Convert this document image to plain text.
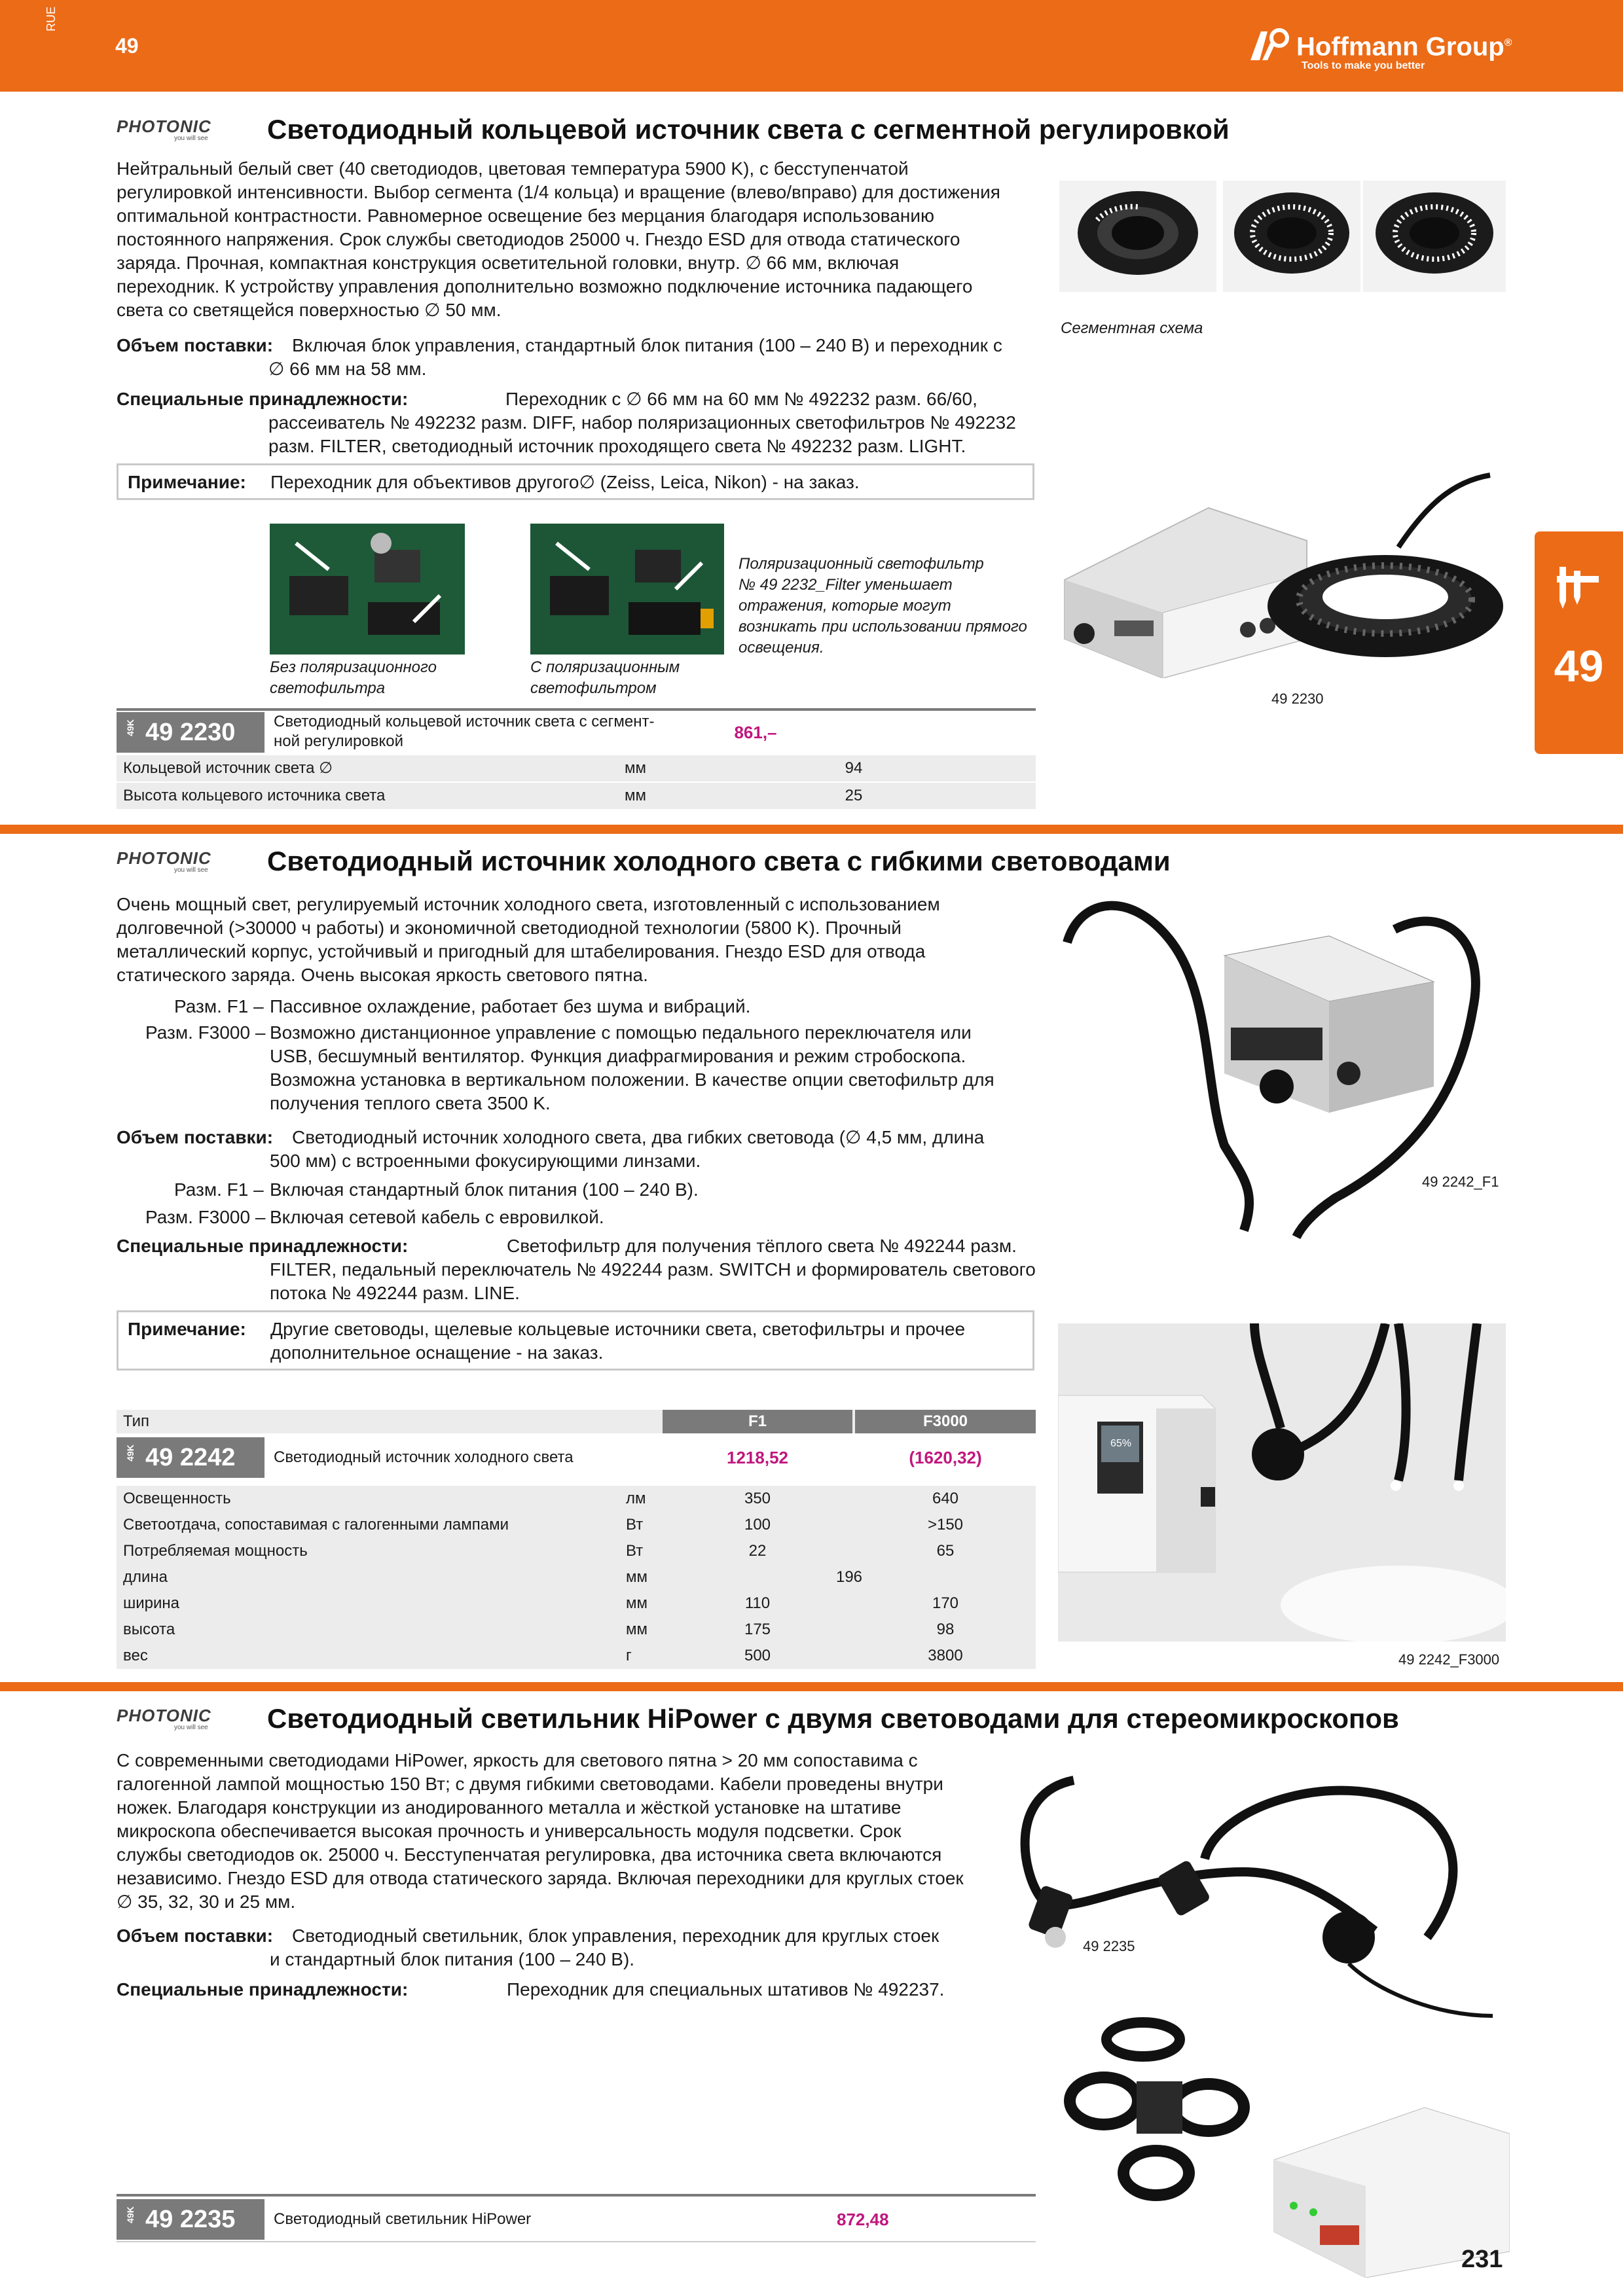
RUE
49	Hoffmann Group®
Tools to make you better
49
PHOTONIC
you will see Светодиодный кольцевой источник света с сегментной регулировкой
Нейтральный белый свет (40 светодиодов, цветовая температура 5900 K), с бесступенчатой
регулировкой интенсивности. Выбор сегмента (1/4 кольца) и вращение (влево/вправо) для достижения
оптимальной контрастности. Равномерное освещение без мерцания благодаря использованию
постоянного напряжения. Срок службы светодиодов 25000 ч. Гнездо ESD для отвода статического
заряда. Прочная, компактная конструкция осветительной головки, внутр. ∅ 66 мм, включая
переходник. К устройству управления дополнительно возможно подключение источника падающего
света со светящейся поверхностью ∅ 50 мм.
Объем поставки: Включая блок управления, стандартный блок питания (100 – 240 В) и переходник с
∅ 66 мм на 58 мм.
Специальные принадлежности:	Переходник с ∅ 66 мм на 60 мм № 492232 разм. 66/60,
рассеиватель № 492232 разм. DIFF, набор поляризационных светофильтров № 492232
разм. FILTER, светодиодный источник проходящего света № 492232 разм. LIGHT.
Примечание: Переходник для объективов другого∅ (Zeiss, Leica, Nikon) - на заказ.
Сегментная схема
49 2230
Без поляризационного
светофильтра
С поляризационным
светофильтром
Поляризационный светофильтр
№ 49 2232_Filter уменьшает
отражения, которые могут
возникать при использовании прямого
освещения.
49K 49 2230	Светодиодный кольцевой источник света с сегмент-
ной регулировкой	861,–
Кольцевой источник света ∅	мм	94
Высота кольцевого источника света	мм	25
PHOTONIC
you will see Светодиодный источник холодного света с гибкими световодами
Очень мощный свет, регулируемый источник холодного света, изготовленный с использованием
долговечной (>30000 ч работы) и экономичной светодиодной технологии (5800 K). Прочный
металлический корпус, устойчивый и пригодный для штабелирования. Гнездо ESD для отвода
статического заряда. Очень высокая яркость светового пятна.
Разм. F1 – Пассивное охлаждение, работает без шума и вибраций.
Разм. F3000 – Возможно дистанционное управление с помощью педального переключателя или
USB, бесшумный вентилятор. Функция диафрагмирования и режим стробоскопа.
Возможна установка в вертикальном положении. В качестве опции светофильтр для
получения теплого света 3500 K.
Объем поставки:	Светодиодный источник холодного света, два гибких световода (∅ 4,5 мм, длина
500 мм) с встроенными фокусирующими линзами.
Разм. F1 – Включая стандартный блок питания (100 – 240 В).
Разм. F3000 – Включая сетевой кабель с евровилкой.
Специальные принадлежности:	Светофильтр для получения тёплого света № 492244 разм.
FILTER, педальный переключатель № 492244 разм. SWITCH и формирователь светового
потока № 492244 разм. LINE.
Примечание: Другие световоды, щелевые кольцевые источники света, светофильтры и прочее
дополнительное оснащение - на заказ.
49 2242_F1
65%
49 2242_F3000
Тип	F1	F3000
49K 49 2242	Светодиодный источник холодного света	1218,52	(1620,32)
Освещенность	лм	350	640
Светоотдача, сопоставимая с галогенными лампами	Вт	100	>150
Потребляемая мощность	Вт	22	65
длина	мм	196
ширина	мм	110	170
высота	мм	175	98
вес	г	500	3800
PHOTONIC
you will see Светодиодный светильник HiPower с двумя световодами для стереомикроскопов
С современными светодиодами HiPower, яркость для светового пятна > 20 мм сопоставима с
галогенной лампой мощностью 150 Вт; с двумя гибкими световодами. Кабели проведены внутри
ножек. Благодаря конструкции из анодированного металла и жёсткой установке на штативе
микроскопа обеспечивается высокая прочность и универсальность модуля подсветки. Срок
службы светодиодов ок. 25000 ч. Бесступенчатая регулировка, два источника света включаются
независимо. Гнездо ESD для отвода статического заряда. Включая переходники для круглых стоек
∅ 35, 32, 30 и 25 мм.
Объем поставки:	Светодиодный светильник, блок управления, переходник для круглых стоек
и стандартный блок питания (100 – 240 В).
Специальные принадлежности:	Переходник для специальных штативов № 492237.
49 2235
49K 49 2235	Светодиодный светильник HiPower	872,48
231
